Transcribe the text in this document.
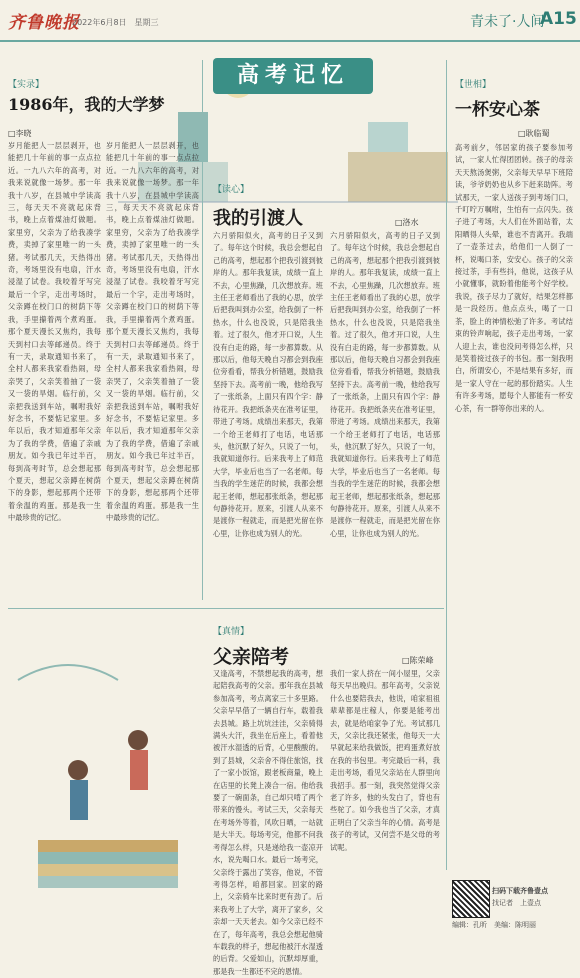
齐鲁晚报
2022年6月8日　星期三	青未了·人间
A15
高考记忆
【实录】
1986年，我的大学梦
□李晓
岁月能把人一层层剥开，也能把几十年前的事一点点拉近。一九八六年的高考，对我来说就像一场梦。那一年我十八岁，在县城中学读高三，每天天不亮就起床背书，晚上点着煤油灯做题。家里穷，父亲为了给我凑学费，卖掉了家里唯一的一头猪。考试那几天，天热得出奇，考场里没有电扇，汗水浸湿了试卷。我咬着牙写完最后一个字，走出考场时，父亲蹲在校门口的树荫下等我，手里攥着两个煮鸡蛋。那个夏天漫长又焦灼，我每天到村口去等邮递员。终于有一天，录取通知书来了，全村人都来我家看热闹，母亲哭了，父亲笑着抽了一袋又一袋的旱烟。临行前，父亲把我送到车站，嘱咐我好好念书，不要惦记家里。多年以后，我才知道那年父亲为了我的学费，借遍了亲戚朋友。如今我已年过半百，每到高考时节，总会想起那个夏天，想起父亲蹲在树荫下的身影，想起那两个还带着余温的鸡蛋。那是我一生中最珍贵的记忆。
岁月能把人一层层剥开，也能把几十年前的事一点点拉近。一九八六年的高考，对我来说就像一场梦。那一年我十八岁，在县城中学读高三，每天天不亮就起床背书，晚上点着煤油灯做题。家里穷，父亲为了给我凑学费，卖掉了家里唯一的一头猪。考试那几天，天热得出奇，考场里没有电扇，汗水浸湿了试卷。我咬着牙写完最后一个字，走出考场时，父亲蹲在校门口的树荫下等我，手里攥着两个煮鸡蛋。那个夏天漫长又焦灼，我每天到村口去等邮递员。终于有一天，录取通知书来了，全村人都来我家看热闹，母亲哭了，父亲笑着抽了一袋又一袋的旱烟。临行前，父亲把我送到车站，嘱咐我好好念书，不要惦记家里。多年以后，我才知道那年父亲为了我的学费，借遍了亲戚朋友。如今我已年过半百，每到高考时节，总会想起那个夏天，想起父亲蹲在树荫下的身影，想起那两个还带着余温的鸡蛋。那是我一生中最珍贵的记忆。
【读心】
我的引渡人	□洛水
六月骄阳似火，高考的日子又到了。每年这个时候，我总会想起自己的高考，想起那个把我引渡到彼岸的人。那年我复读，成绩一直上不去，心里焦躁，几次想放弃。班主任王老师看出了我的心思，放学后把我叫到办公室，给我倒了一杯热水，什么也没说，只是陪我坐着。过了很久，他才开口说，人生没有白走的路，每一步都算数。从那以后，他每天晚自习都会到我座位旁看看，帮我分析错题，鼓励我坚持下去。高考前一晚，他给我写了一张纸条，上面只有四个字：静待花开。我把纸条夹在准考证里，带进了考场。成绩出来那天，我第一个给王老师打了电话，电话那头，他沉默了好久，只说了一句，我就知道你行。后来我考上了师范大学，毕业后也当了一名老师。每当我的学生迷茫的时候，我都会想起王老师，想起那张纸条，想起那句静待花开。原来，引渡人从来不是渡你一程就走，而是把光留在你心里，让你也成为别人的光。
六月骄阳似火，高考的日子又到了。每年这个时候，我总会想起自己的高考，想起那个把我引渡到彼岸的人。那年我复读，成绩一直上不去，心里焦躁，几次想放弃。班主任王老师看出了我的心思，放学后把我叫到办公室，给我倒了一杯热水，什么也没说，只是陪我坐着。过了很久，他才开口说，人生没有白走的路，每一步都算数。从那以后，他每天晚自习都会到我座位旁看看，帮我分析错题，鼓励我坚持下去。高考前一晚，他给我写了一张纸条，上面只有四个字：静待花开。我把纸条夹在准考证里，带进了考场。成绩出来那天，我第一个给王老师打了电话，电话那头，他沉默了好久，只说了一句，我就知道你行。后来我考上了师范大学，毕业后也当了一名老师。每当我的学生迷茫的时候，我都会想起王老师，想起那张纸条，想起那句静待花开。原来，引渡人从来不是渡你一程就走，而是把光留在你心里，让你也成为别人的光。
【世相】
一杯安心茶
□耿临蜀
高考前夕，邻居家的孩子要参加考试，一家人忙得团团转。孩子的母亲天天熬汤煲粥，父亲每天早早下班陪读，爷爷奶奶也从乡下赶来助阵。考试那天，一家人送孩子到考场门口，千叮咛万嘱咐，生怕有一点闪失。孩子进了考场，大人们在外面站着，太阳晒得人头晕，谁也不肯离开。我端了一壶茶过去，给他们一人倒了一杯，说喝口茶，安安心。孩子的父亲接过茶，手有些抖，他说，这孩子从小就懂事，就盼着他能考个好学校。我说，孩子尽力了就好，结果怎样都是一段经历。他点点头，喝了一口茶，脸上的神情松弛了许多。考试结束的铃声响起，孩子走出考场，一家人迎上去，谁也没问考得怎么样，只是笑着接过孩子的书包。那一刻我明白，所谓安心，不是结果有多好，而是一家人守在一起的那份踏实。人生有许多考场，愿每个人都能有一杯安心茶，有一群等你出来的人。
【真情】
父亲陪考	□陈荣峰
又逢高考，不禁想起我的高考，想起陪我高考的父亲。那年我在县城参加高考，考点离家三十多里路。父亲早早借了一辆自行车，载着我去县城。路上坑坑洼洼，父亲骑得满头大汗，我坐在后座上，看着他被汗水湿透的后背，心里酸酸的。到了县城，父亲舍不得住旅馆，找了一家小饭馆，跟老板商量，晚上在店里的长凳上凑合一宿。他给我要了一碗面条，自己却只啃了两个带来的馒头。考试三天，父亲每天在考场外等着，风吹日晒，一站就是大半天。每场考完，他都不问我考得怎么样，只是递给我一壶凉开水，说先喝口水。最后一场考完，父亲终于露出了笑容，他说，不管考得怎样，咱都回家。回家的路上，父亲骑车比来时更有劲了。后来我考上了大学，离开了家乡，父亲却一天天老去。如今父亲已经不在了，每年高考，我总会想起他骑车载我的样子，想起他被汗水湿透的后背。父爱如山，沉默却厚重，那是我一生都还不完的恩情。
我们一家人挤在一间小屋里，父亲每天早出晚归。那年高考，父亲说什么也要陪我去，他说，咱家祖祖辈辈都是庄稼人，你要是能考出去，就是给咱家争了光。考试那几天，父亲比我还紧张，他每天一大早就起来给我做饭，把鸡蛋煮好放在我的书包里。考完最后一科，我走出考场，看见父亲站在人群里向我招手。那一刻，我突然觉得父亲老了许多，他的头发白了，背也有些驼了。如今我也当了父亲，才真正明白了父亲当年的心情。高考是孩子的考试，又何尝不是父母的考试呢。
扫码下载齐鲁壹点
找记者　上壹点
编辑：孔昕　美编：陈明丽
